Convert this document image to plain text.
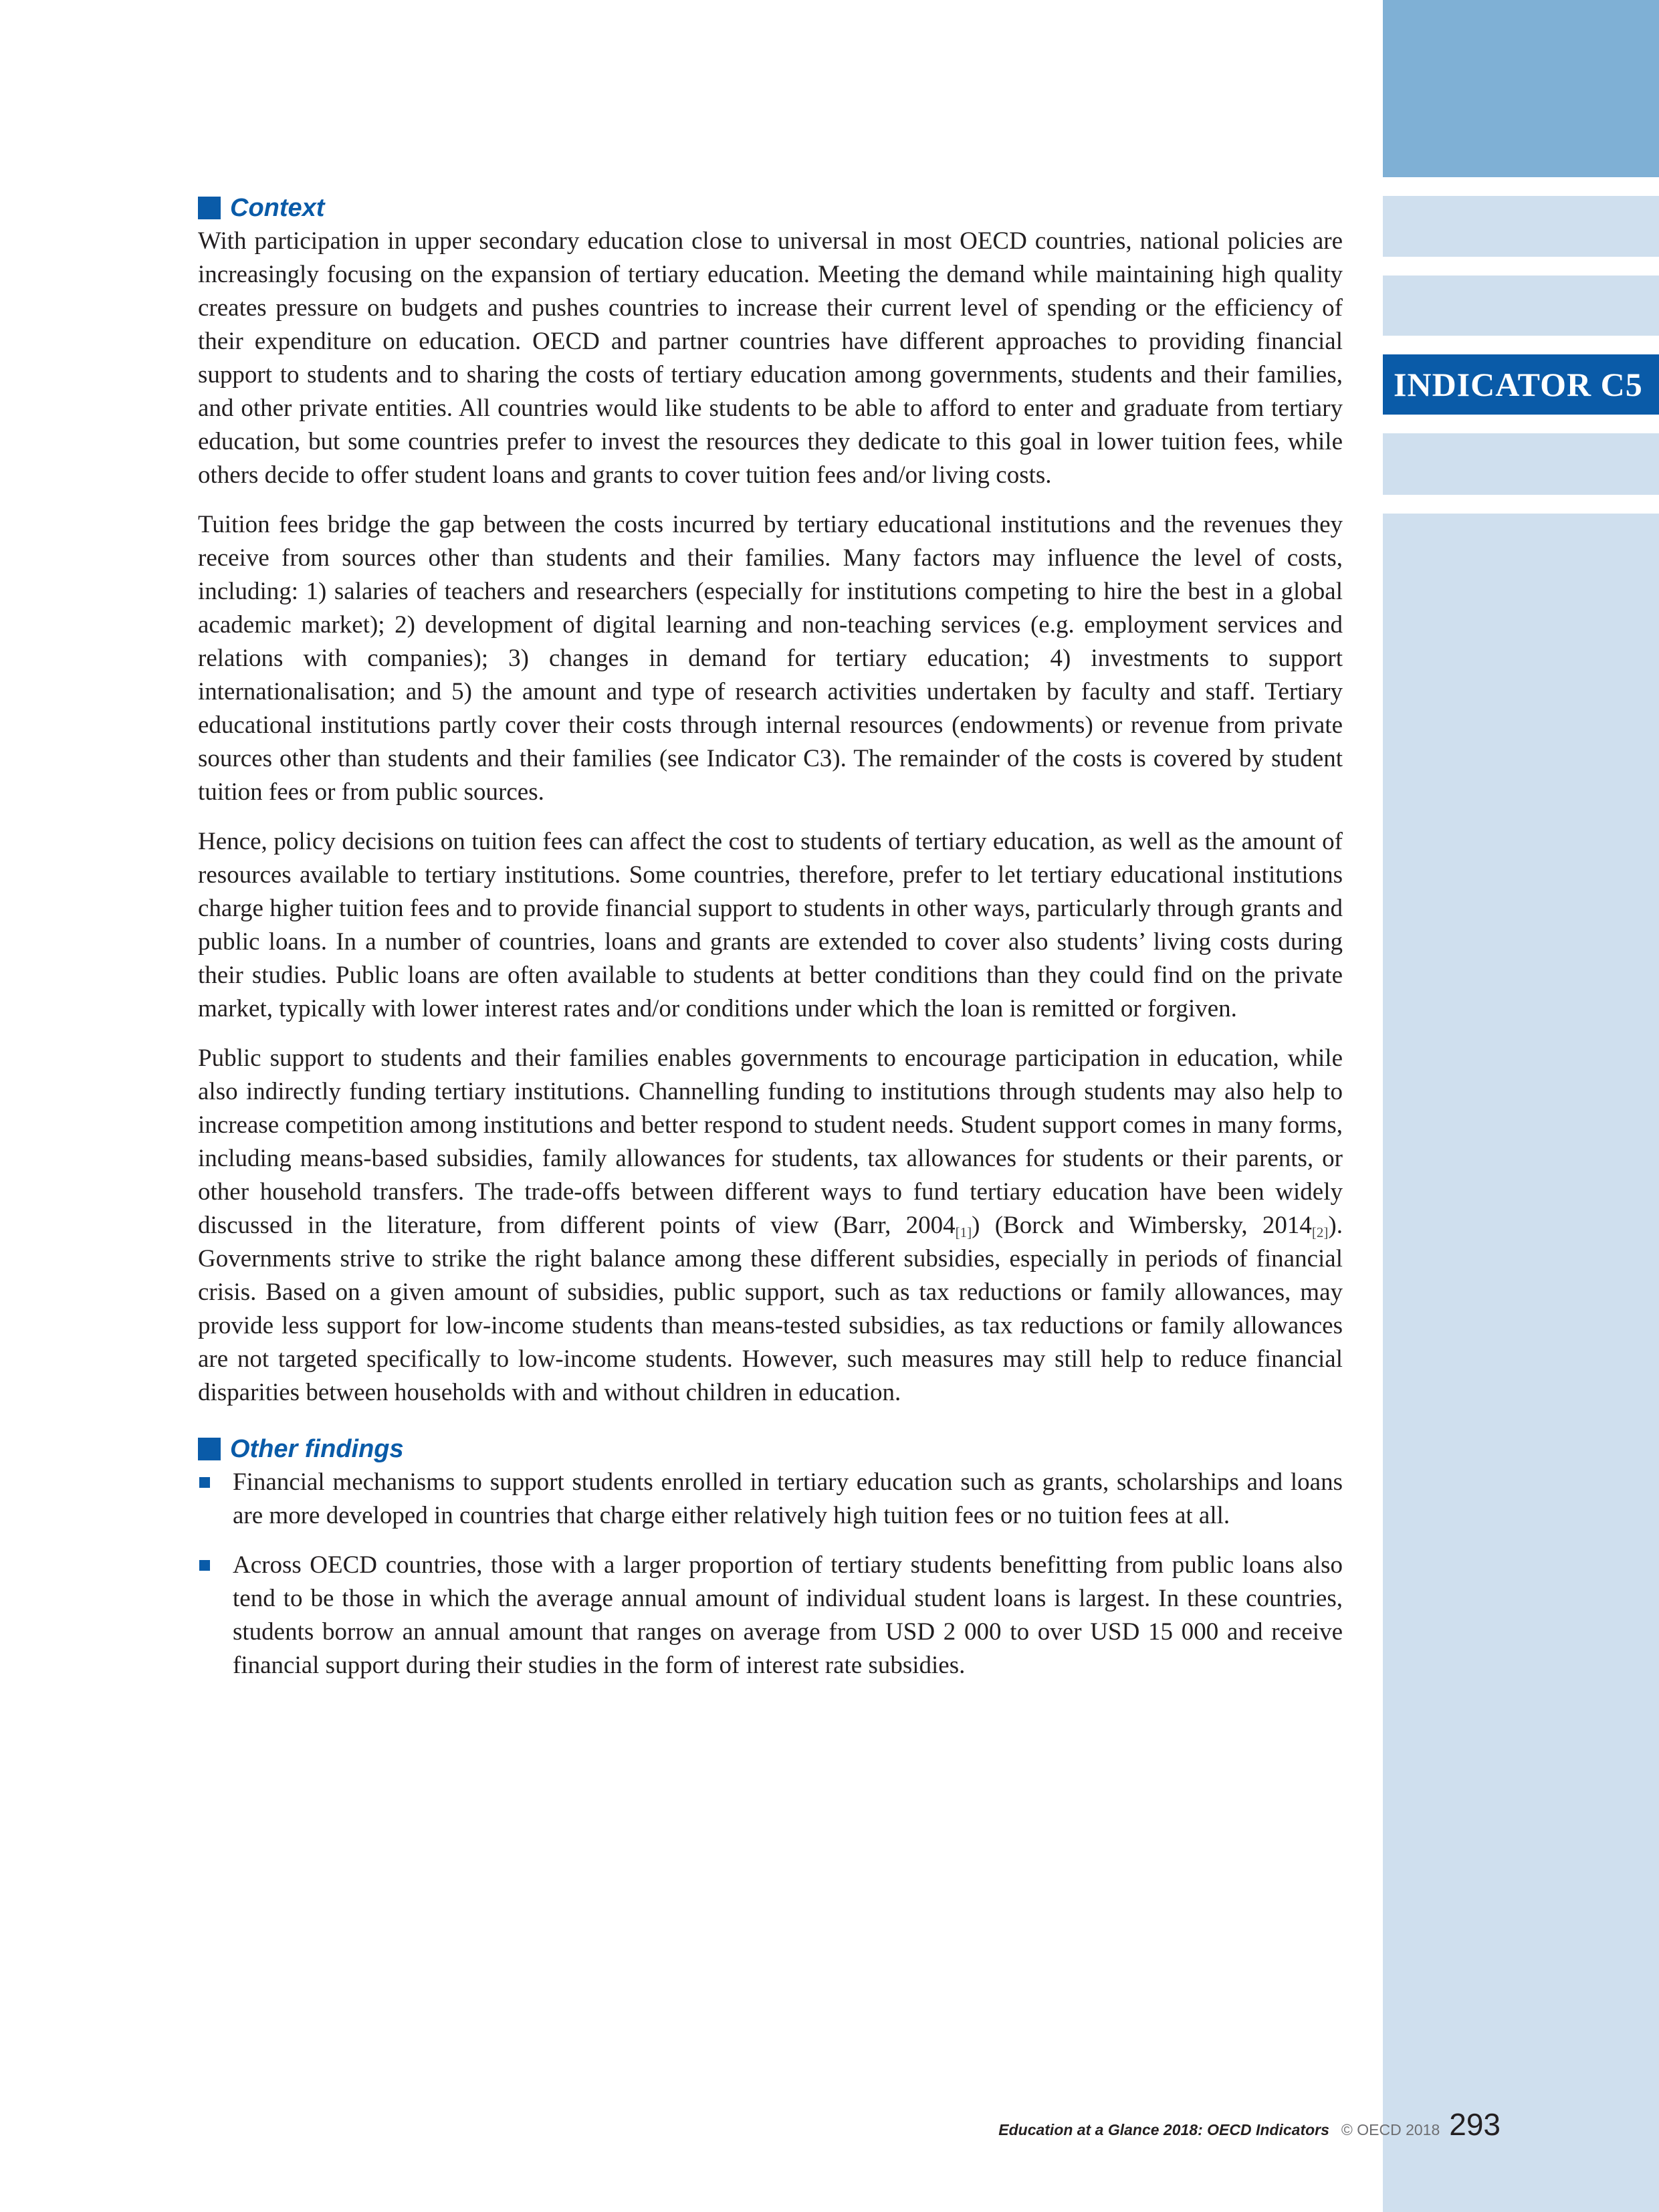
INDICATOR C5
Context

With participation in upper secondary education close to universal in most OECD countries, national policies are increasingly focusing on the expansion of tertiary education. Meeting the demand while maintaining high quality creates pressure on budgets and pushes countries to increase their current level of spending or the efficiency of their expenditure on education. OECD and partner countries have different approaches to providing financial support to students and to sharing the costs of tertiary education among governments, students and their families, and other private entities. All countries would like students to be able to afford to enter and graduate from tertiary education, but some countries prefer to invest the resources they dedicate to this goal in lower tuition fees, while others decide to offer student loans and grants to cover tuition fees and/or living costs.

Tuition fees bridge the gap between the costs incurred by tertiary educational institutions and the revenues they receive from sources other than students and their families. Many factors may influence the level of costs, including: 1) salaries of teachers and researchers (especially for institutions competing to hire the best in a global academic market); 2) development of digital learning and non-teaching services (e.g. employment services and relations with companies); 3) changes in demand for tertiary education; 4) investments to support internationalisation; and 5) the amount and type of research activities undertaken by faculty and staff. Tertiary educational institutions partly cover their costs through internal resources (endowments) or revenue from private sources other than students and their families (see Indicator C3). The remainder of the costs is covered by student tuition fees or from public sources.

Hence, policy decisions on tuition fees can affect the cost to students of tertiary education, as well as the amount of resources available to tertiary institutions. Some countries, therefore, prefer to let tertiary educational institutions charge higher tuition fees and to provide financial support to students in other ways, particularly through grants and public loans. In a number of countries, loans and grants are extended to cover also students’ living costs during their studies. Public loans are often available to students at better conditions than they could find on the private market, typically with lower interest rates and/or conditions under which the loan is remitted or forgiven.

Public support to students and their families enables governments to encourage participation in education, while also indirectly funding tertiary institutions. Channelling funding to institutions through students may also help to increase competition among institutions and better respond to student needs. Student support comes in many forms, including means-based subsidies, family allowances for students, tax allowances for students or their parents, or other household transfers. The trade-offs between different ways to fund tertiary education have been widely discussed in the literature, from different points of view (Barr, $2004_{[1]}$) (Borck and Wimbersky, $2014_{[2]}$). Governments strive to strike the right balance among these different subsidies, especially in periods of financial crisis. Based on a given amount of subsidies, public support, such as tax reductions or family allowances, may provide less support for low-income students than means-tested subsidies, as tax reductions or family allowances are not targeted specifically to low-income students. However, such measures may still help to reduce financial disparities between households with and without children in education.

Other findings
Financial mechanisms to support students enrolled in tertiary education such as grants, scholarships and loans are more developed in countries that charge either relatively high tuition fees or no tuition fees at all.
Across OECD countries, those with a larger proportion of tertiary students benefitting from public loans also tend to be those in which the average annual amount of individual student loans is largest. In these countries, students borrow an annual amount that ranges on average from USD 2 000 to over USD 15 000 and receive financial support during their studies in the form of interest rate subsidies.
Education at a Glance 2018: OECD Indicators © OECD 2018 293
